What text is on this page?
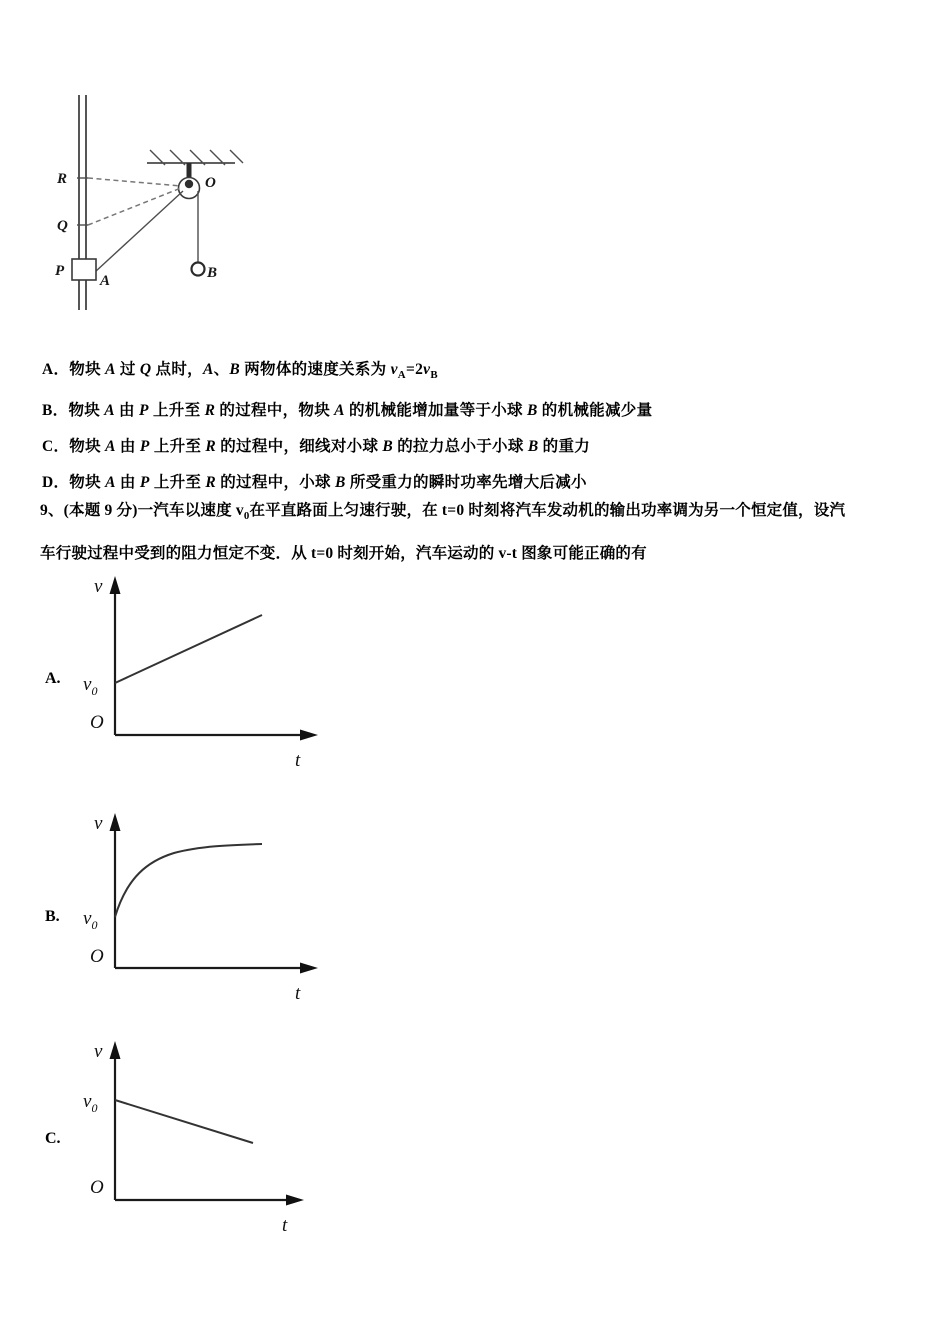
R
Q
P
A
O
B
A．物块 A 过 Q 点时，A、B 两物体的速度关系为 $v_A=2v_B$
B．物块 A 由 P 上升至 R 的过程中，物块 A 的机械能增加量等于小球 B 的机械能减少量
C．物块 A 由 P 上升至 R 的过程中，细线对小球 B 的拉力总小于小球 B 的重力
D．物块 A 由 P 上升至 R 的过程中，小球 B 所受重力的瞬时功率先增大后减小
9、(本题 9 分)一汽车以速度 $v_0$在平直路面上匀速行驶，在 t=0 时刻将汽车发动机的输出功率调为另一个恒定值，设汽
车行驶过程中受到的阻力恒定不变．从 t=0 时刻开始，汽车运动的 v-t 图象可能正确的有
A.
v
t
O
$v_0$
B.
v
t
O
$v_0$
C.
v
t
O
$v_0$
